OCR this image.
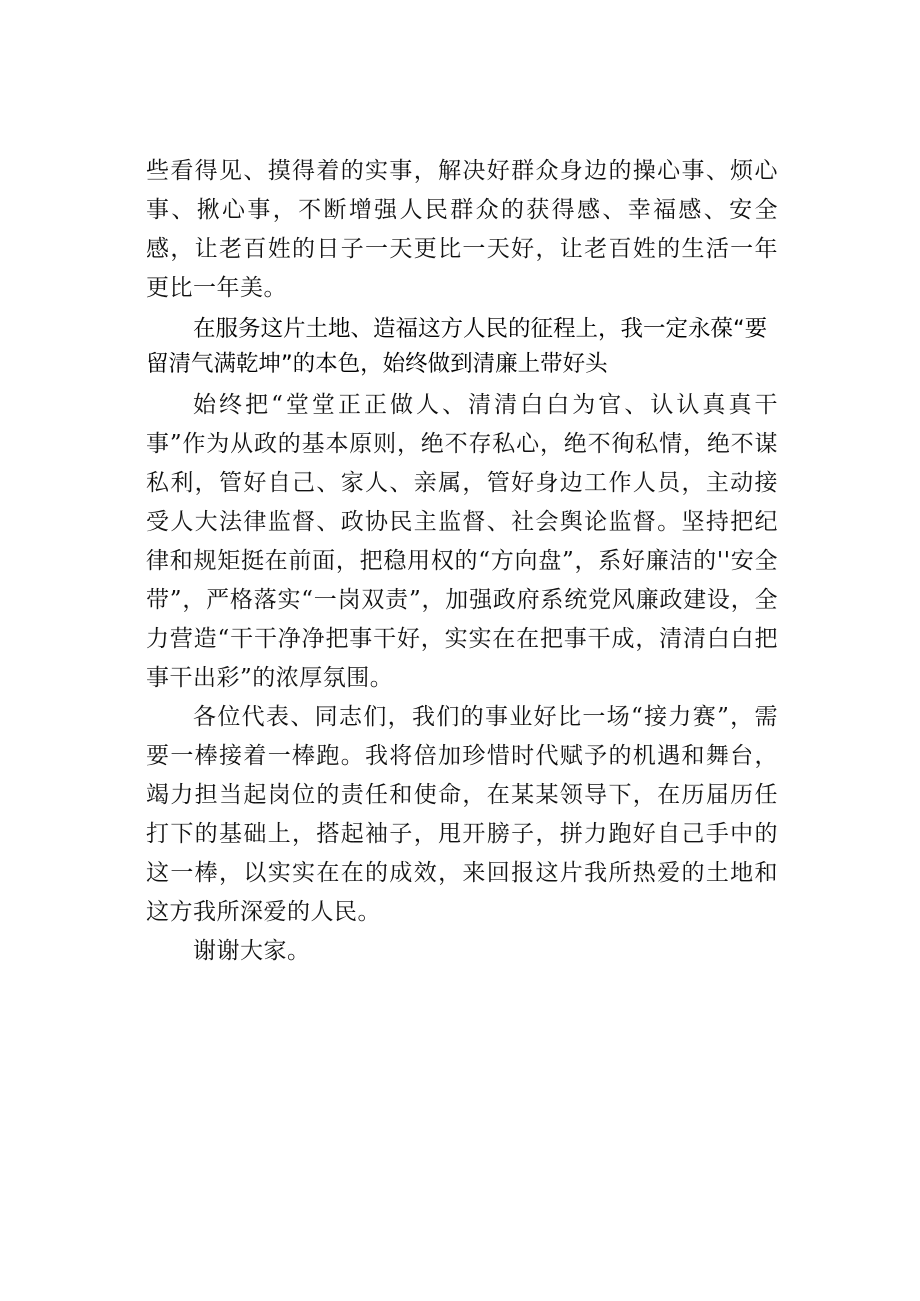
些看得见、摸得着的实事，解决好群众身边的操心事、烦心事、揪心事，不断增强人民群众的获得感、幸福感、安全感，让老百姓的日子一天更比一天好，让老百姓的生活一年更比一年美。

在服务这片土地、造福这方人民的征程上，我一定永葆“要留清气满乾坤”的本色，始终做到清廉上带好头

始终把“堂堂正正做人、清清白白为官、认认真真干事”作为从政的基本原则，绝不存私心，绝不徇私情，绝不谋私利，管好自己、家人、亲属，管好身边工作人员，主动接受人大法律监督、政协民主监督、社会舆论监督。坚持把纪律和规矩挺在前面，把稳用权的“方向盘”，系好廉洁的''安全带”，严格落实“一岗双责”，加强政府系统党风廉政建设，全力营造“干干净净把事干好，实实在在把事干成，清清白白把事干出彩”的浓厚氛围。

各位代表、同志们，我们的事业好比一场“接力赛”，需要一棒接着一棒跑。我将倍加珍惜时代赋予的机遇和舞台，竭力担当起岗位的责任和使命，在某某领导下，在历届历任打下的基础上，搭起袖子，甩开膀子，拼力跑好自己手中的这一棒，以实实在在的成效，来回报这片我所热爱的土地和这方我所深爱的人民。

谢谢大家。
